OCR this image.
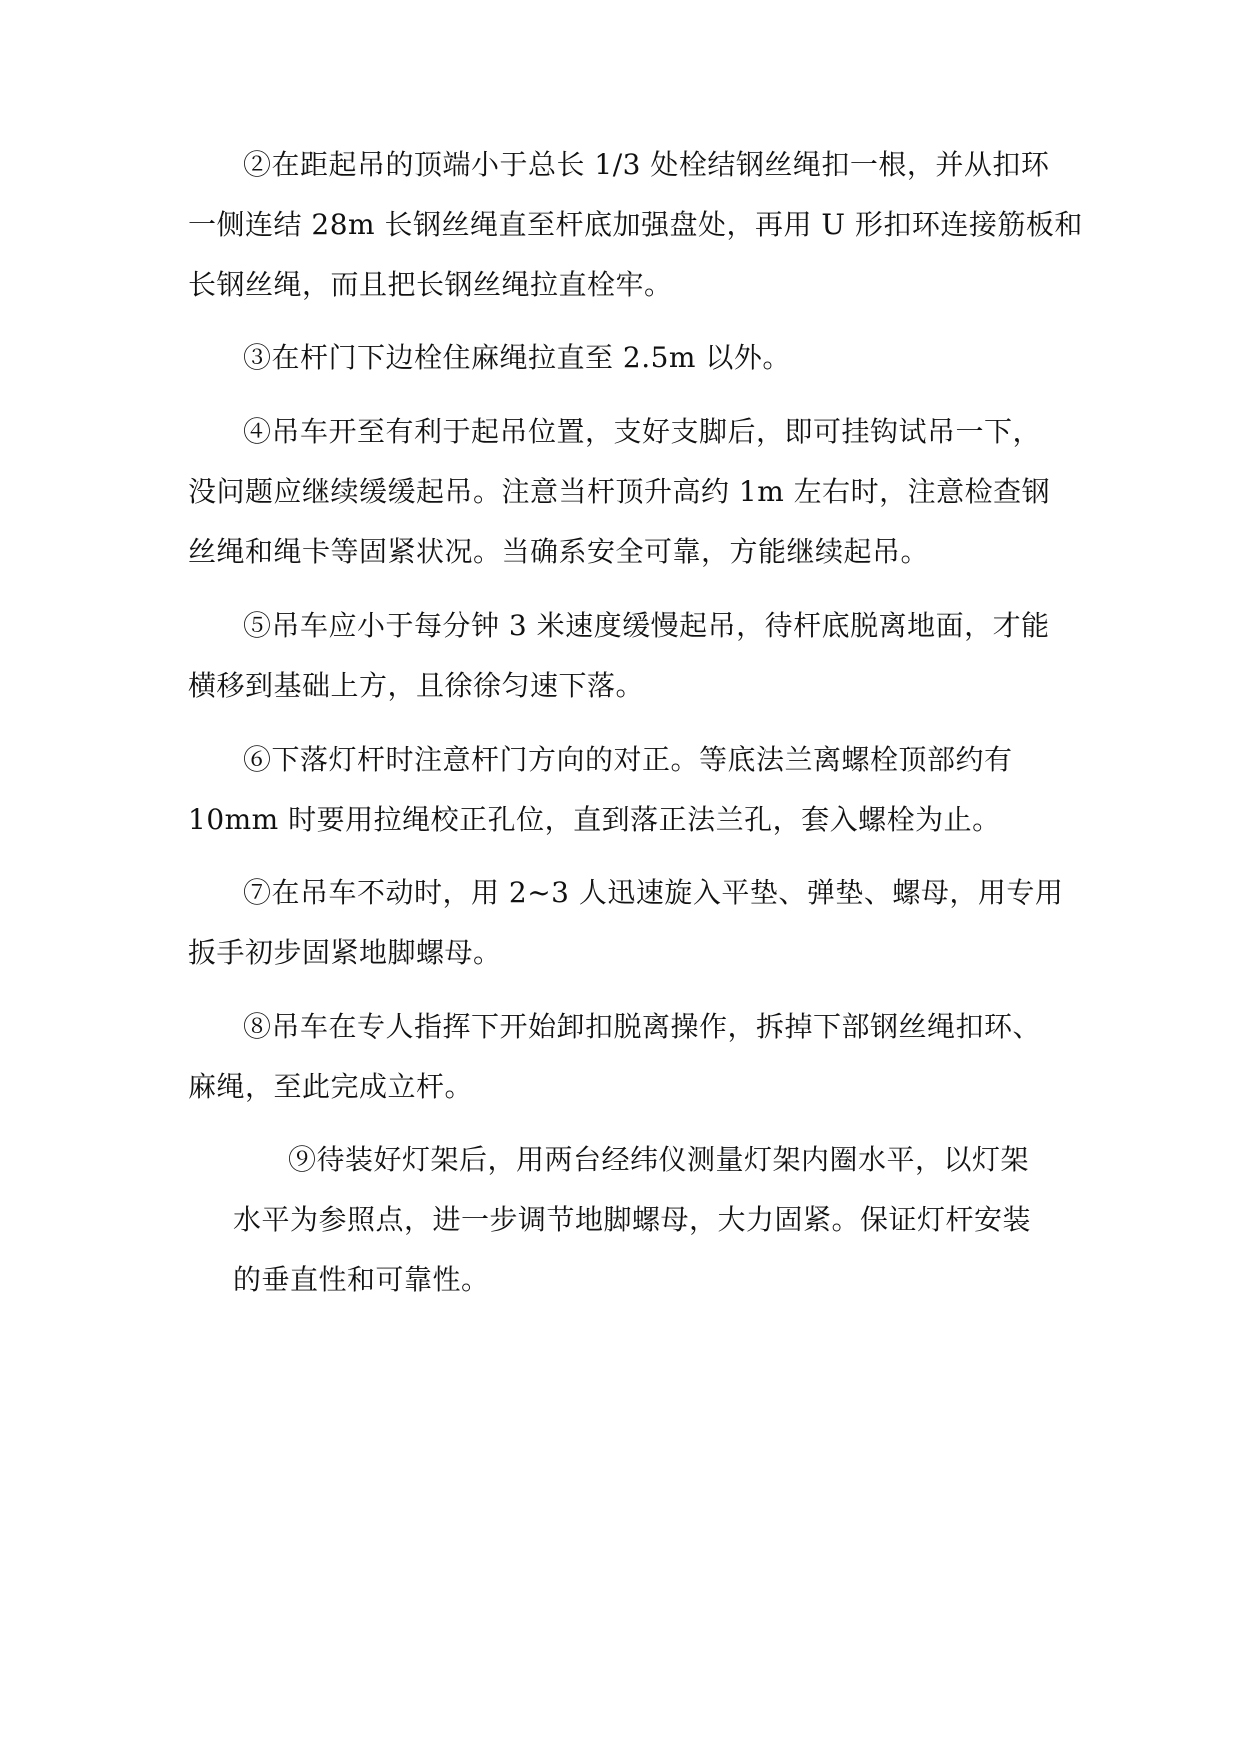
②在距起吊的顶端小于总长 1/3 处栓结钢丝绳扣一根，并从扣环
一侧连结 28m 长钢丝绳直至杆底加强盘处，再用 U 形扣环连接筋板和
长钢丝绳，而且把长钢丝绳拉直栓牢。
③在杆门下边栓住麻绳拉直至 2.5m 以外。
④吊车开至有利于起吊位置，支好支脚后，即可挂钩试吊一下，
没问题应继续缓缓起吊。注意当杆顶升高约 1m 左右时，注意检查钢
丝绳和绳卡等固紧状况。当确系安全可靠，方能继续起吊。
⑤吊车应小于每分钟 3 米速度缓慢起吊，待杆底脱离地面，才能
横移到基础上方，且徐徐匀速下落。
⑥下落灯杆时注意杆门方向的对正。等底法兰离螺栓顶部约有
10mm 时要用拉绳校正孔位，直到落正法兰孔，套入螺栓为止。
⑦在吊车不动时，用 2~3 人迅速旋入平垫、弹垫、螺母，用专用
扳手初步固紧地脚螺母。
⑧吊车在专人指挥下开始卸扣脱离操作，拆掉下部钢丝绳扣环、
麻绳，至此完成立杆。
⑨待装好灯架后，用两台经纬仪测量灯架内圈水平，以灯架
水平为参照点，进一步调节地脚螺母，大力固紧。保证灯杆安装
的垂直性和可靠性。
